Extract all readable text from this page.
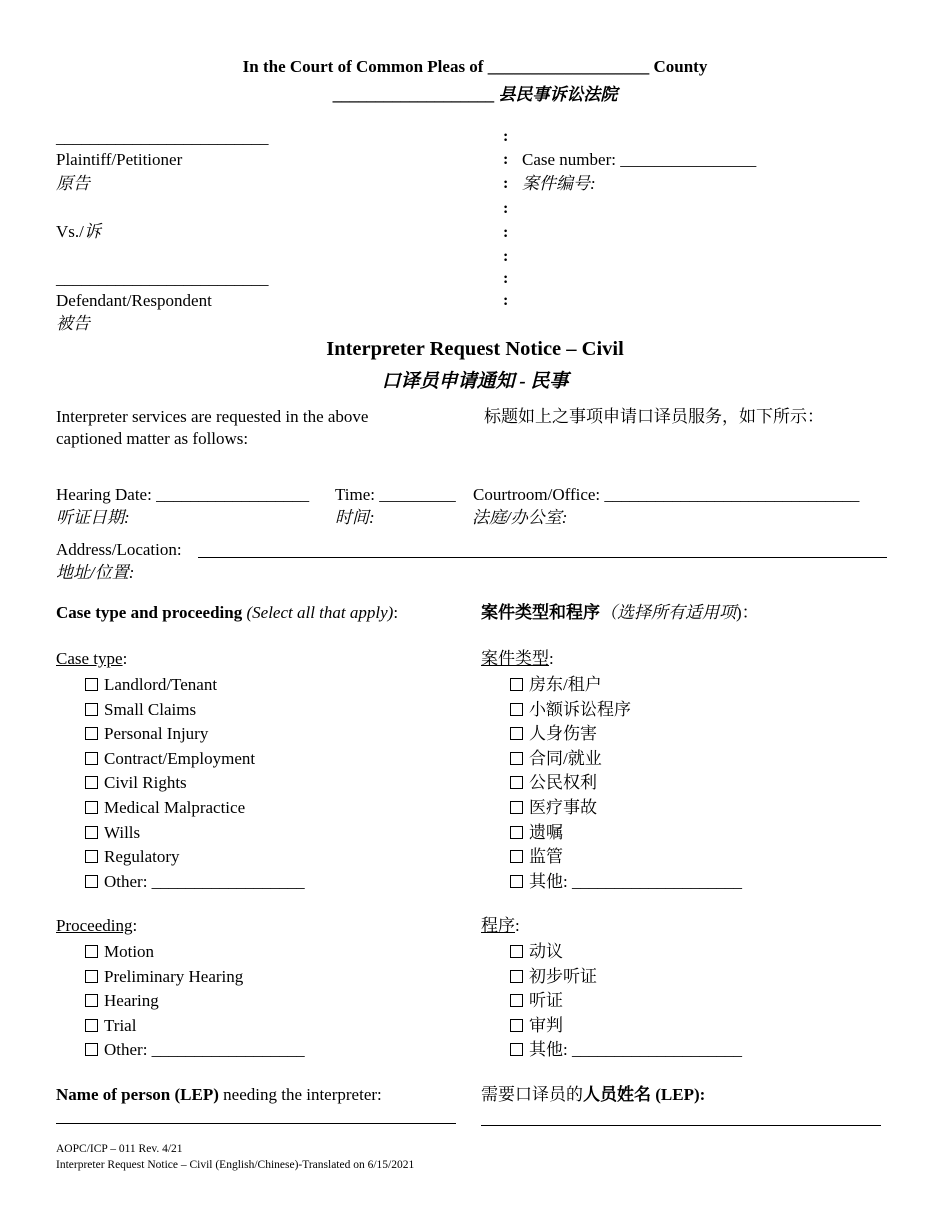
In the Court of Common Pleas of ___________________ County
___________________ 县民事诉讼法院
_________________________
Plaintiff/Petitioner
原告
Vs./诉
_________________________
Defendant/Respondent
被告
:
:
:
:
:
:
:
:
Case number: ________________
案件编号:
Interpreter Request Notice – Civil
口译员申请通知 - 民事
Interpreter services are requested in the above
captioned matter as follows:
标题如上之事项申请口译员服务，如下所示：
Hearing Date: __________________ Time: _________ Courtroom/Office: ______________________________
听证日期:	时间:	法庭/办公室:
Address/Location:
地址/位置:
Case type and proceeding (Select all that apply):	案件类型和程序（选择所有适用项)：
Case type:	案件类型:
Landlord/Tenant
Small Claims
Personal Injury
Contract/Employment
Civil Rights
Medical Malpractice
Wills
Regulatory
Other: __________________
房东/租户
小额诉讼程序
人身伤害
合同/就业
公民权利
医疗事故
遗嘱
监管
其他: ____________________
Proceeding:	程序:
Motion
Preliminary Hearing
Hearing
Trial
Other: __________________
动议
初步听证
听证
审判
其他: ____________________
Name of person (LEP) needing the interpreter:	需要口译员的人员姓名 (LEP):
AOPC/ICP – 011 Rev. 4/21
Interpreter Request Notice – Civil (English/Chinese)-Translated on 6/15/2021
